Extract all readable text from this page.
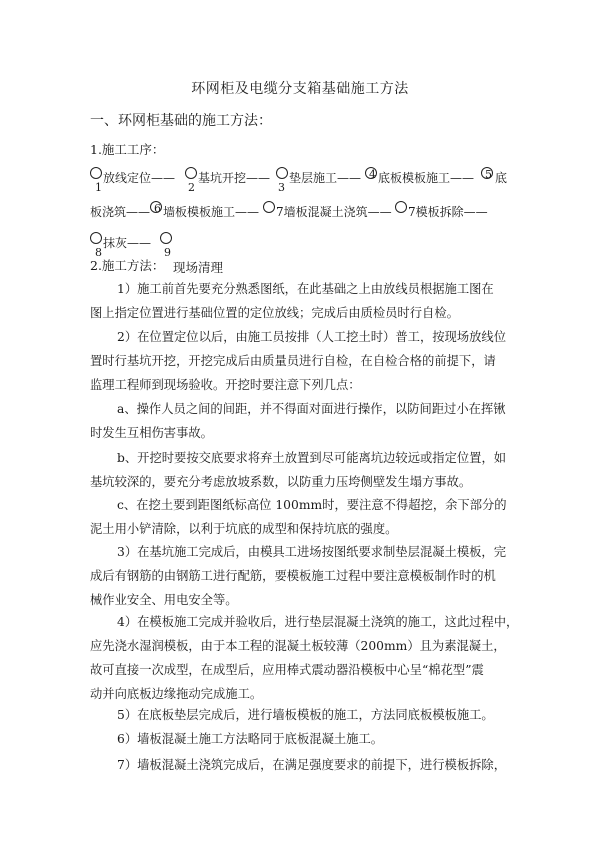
环网柜及电缆分支箱基础施工方法
一、环网柜基础的施工方法：
1.施工工序：
放线定位——
1
基坑开挖——
2
垫层施工——
3
4 底板模板施工—— 5 底
板浇筑—— 6 墙板模板施工—— 7墙板混凝土浇筑—— 7模板拆除——
抹灰——
8	9
2.施工方法： 现场清理
1）施工前首先要充分熟悉图纸，在此基础之上由放线员根据施工图在
图上指定位置进行基础位置的定位放线；完成后由质检员时行自检。
2）在位置定位以后，由施工员按排（人工挖土时）普工，按现场放线位
置时行基坑开挖，开挖完成后由质量员进行自检，在自检合格的前提下，请
监理工程师到现场验收。开挖时要注意下列几点：
a、操作人员之间的间距，并不得面对面进行操作，以防间距过小在挥锹
时发生互相伤害事故。
b、开挖时要按交底要求将弃土放置到尽可能离坑边较远或指定位置，如
基坑较深的，要充分考虑放坡系数，以防重力压垮侧壁发生塌方事故。
c、在挖土要到距图纸标高位 100mm时，要注意不得超挖，余下部分的
泥土用小铲清除，以利于坑底的成型和保持坑底的强度。
3）在基坑施工完成后，由模具工进场按图纸要求制垫层混凝土模板，完
成后有钢筋的由钢筋工进行配筋，要模板施工过程中要注意模板制作时的机
械作业安全、用电安全等。
4）在模板施工完成并验收后，进行垫层混凝土浇筑的施工，这此过程中，
应先浇水湿润模板，由于本工程的混凝土板较薄（200mm）且为素混凝土，
故可直接一次成型，在成型后，应用棒式震动器沿模板中心呈“棉花型”震
动并向底板边缘拖动完成施工。
5）在底板垫层完成后，进行墙板模板的施工，方法同底板模板施工。
6）墙板混凝土施工方法略同于底板混凝土施工。
7）墙板混凝土浇筑完成后，在满足强度要求的前提下，进行模板拆除，
